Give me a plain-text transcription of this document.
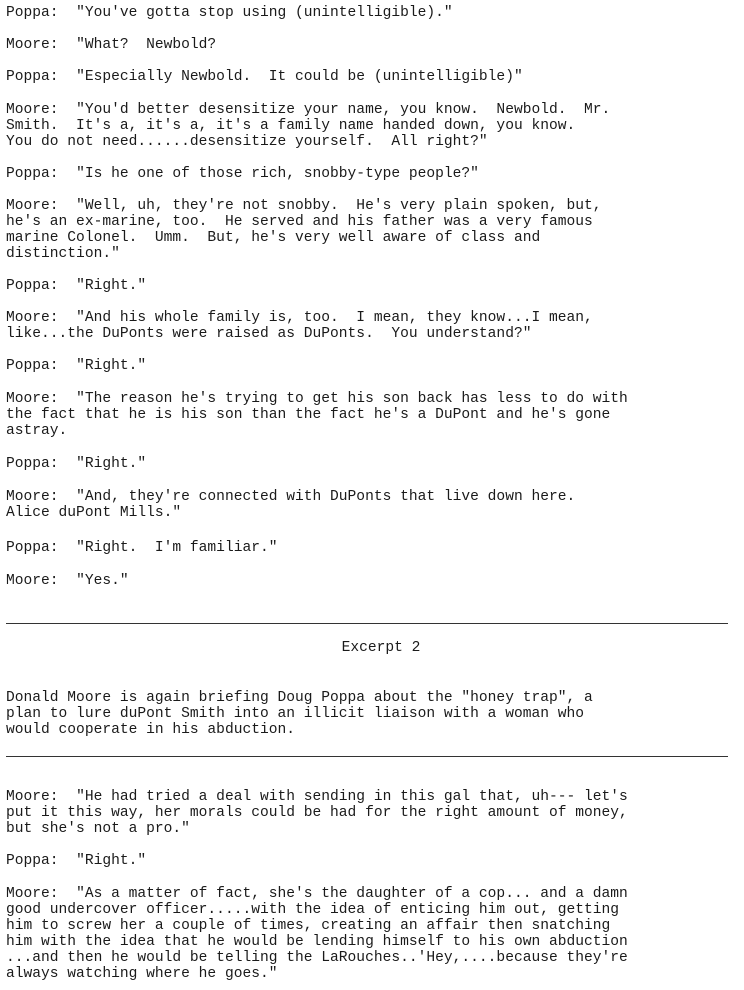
Poppa: "You've gotta stop using (unintelligible)."

Moore: "What?  Newbold?

Poppa: "Especially Newbold.  It could be (unintelligible)"

Moore: "You'd better desensitize your name, you know.  Newbold.  Mr.
Smith.  It's a, it's a, it's a family name handed down, you know.
You do not need......desensitize yourself.  All right?"

Poppa: "Is he one of those rich, snobby-type people?"

Moore: "Well, uh, they're not snobby.  He's very plain spoken, but,
he's an ex-marine, too.  He served and his father was a very famous
marine Colonel.  Umm.  But, he's very well aware of class and
distinction."

Poppa: "Right."

Moore: "And his whole family is, too.  I mean, they know...I mean,
like...the DuPonts were raised as DuPonts.  You understand?"

Poppa: "Right."

Moore: "The reason he's trying to get his son back has less to do with
the fact that he is his son than the fact he's a DuPont and he's gone
astray.

Poppa: "Right."

Moore: "And, they're connected with DuPonts that live down here.
Alice duPont Mills."

Poppa: "Right.  I'm familiar."

Moore: "Yes."

Excerpt 2

Donald Moore is again briefing Doug Poppa about the "honey trap", a
plan to lure duPont Smith into an illicit liaison with a woman who
would cooperate in his abduction.

Moore: "He had tried a deal with sending in this gal that, uh--- let's
put it this way, her morals could be had for the right amount of money,
but she's not a pro."

Poppa: "Right."

Moore: "As a matter of fact, she's the daughter of a cop... and a damn
good undercover officer.....with the idea of enticing him out, getting
him to screw her a couple of times, creating an affair then snatching
him with the idea that he would be lending himself to his own abduction
...and then he would be telling the LaRouches..'Hey,....because they're
always watching where he goes."
